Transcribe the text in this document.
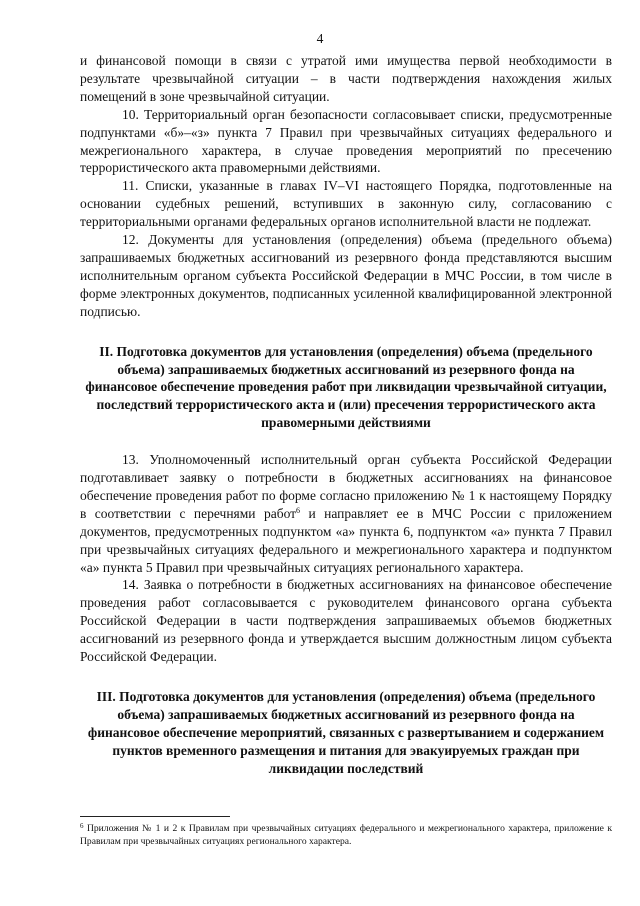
4

и финансовой помощи в связи с утратой ими имущества первой необходимости в результате чрезвычайной ситуации – в части подтверждения нахождения жилых помещений в зоне чрезвычайной ситуации.

10. Территориальный орган безопасности согласовывает списки, предусмотренные подпунктами «б»–«з» пункта 7 Правил при чрезвычайных ситуациях федерального и межрегионального характера, в случае проведения мероприятий по пресечению террористического акта правомерными действиями.

11. Списки, указанные в главах IV–VI настоящего Порядка, подготовленные на основании судебных решений, вступивших в законную силу, согласованию с территориальными органами федеральных органов исполнительной власти не подлежат.

12. Документы для установления (определения) объема (предельного объема) запрашиваемых бюджетных ассигнований из резервного фонда представляются высшим исполнительным органом субъекта Российской Федерации в МЧС России, в том числе в форме электронных документов, подписанных усиленной квалифицированной электронной подписью.

II. Подготовка документов для установления (определения) объема (предельного объема) запрашиваемых бюджетных ассигнований из резервного фонда на финансовое обеспечение проведения работ при ликвидации чрезвычайной ситуации, последствий террористического акта и (или) пресечения террористического акта правомерными действиями

13. Уполномоченный исполнительный орган субъекта Российской Федерации подготавливает заявку о потребности в бюджетных ассигнованиях на финансовое обеспечение проведения работ по форме согласно приложению № 1 к настоящему Порядку в соответствии с перечнями работ$^6$ и направляет ее в МЧС России с приложением документов, предусмотренных подпунктом «а» пункта 6, подпунктом «а» пункта 7 Правил при чрезвычайных ситуациях федерального и межрегионального характера и подпунктом «а» пункта 5 Правил при чрезвычайных ситуациях регионального характера.

14. Заявка о потребности в бюджетных ассигнованиях на финансовое обеспечение проведения работ согласовывается с руководителем финансового органа субъекта Российской Федерации в части подтверждения запрашиваемых объемов бюджетных ассигнований из резервного фонда и утверждается высшим должностным лицом субъекта Российской Федерации.

III. Подготовка документов для установления (определения) объема (предельного объема) запрашиваемых бюджетных ассигнований из резервного фонда на финансовое обеспечение мероприятий, связанных с развертыванием и содержанием пунктов временного размещения и питания для эвакуируемых граждан при ликвидации последствий

$^6$ Приложения № 1 и 2 к Правилам при чрезвычайных ситуациях федерального и межрегионального характера, приложение к Правилам при чрезвычайных ситуациях регионального характера.
